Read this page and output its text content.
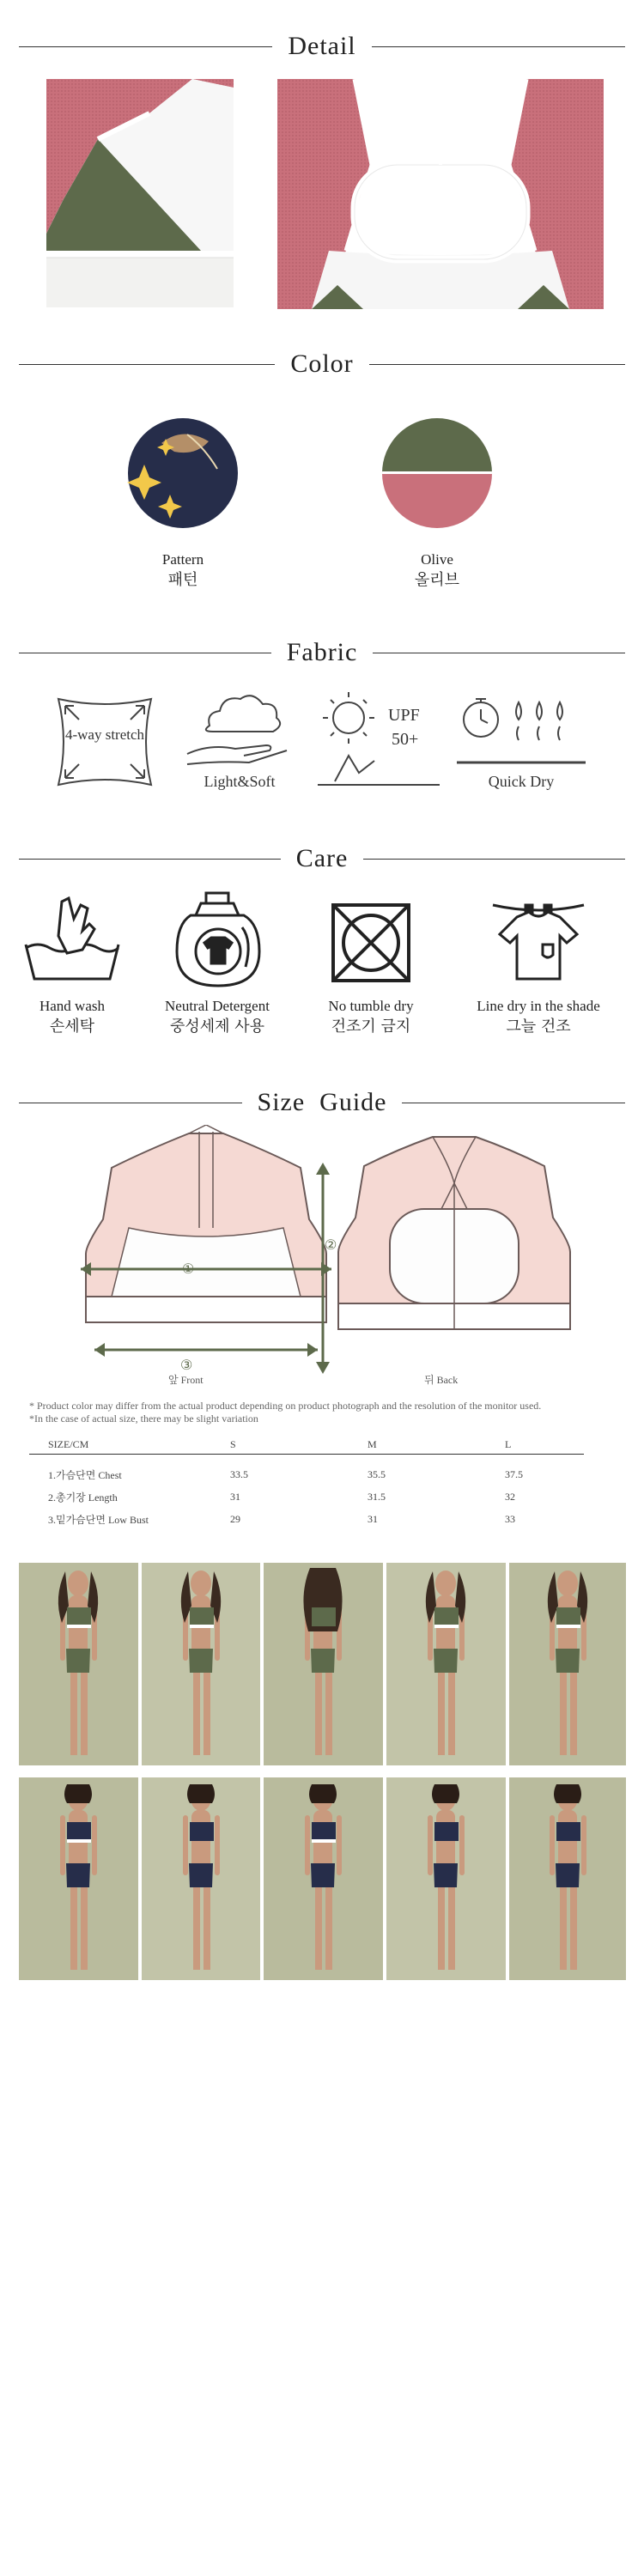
Detail
Color
Pattern
패턴
Olive
올리브
Fabric
4-way stretch
Light&Soft
UPF
50+
Quick Dry
Care
Hand wash
손세탁
Neutral Detergent
중성세제 사용
No tumble dry
건조기 금지
Line dry in the shade
그늘 건조
Size  Guide
①
③
②
앞 Front	뒤 Back
* Product color may differ from the actual product depending on product photograph and the resolution of the monitor used.
*In the case of actual size, there may be slight variation
SIZE/CM	S	M	L

1.가슴단면 Chest	33.5	35.5	37.5
2.총기장 Length	31	31.5	32
3.밑가슴단면 Low Bust	29	31	33
